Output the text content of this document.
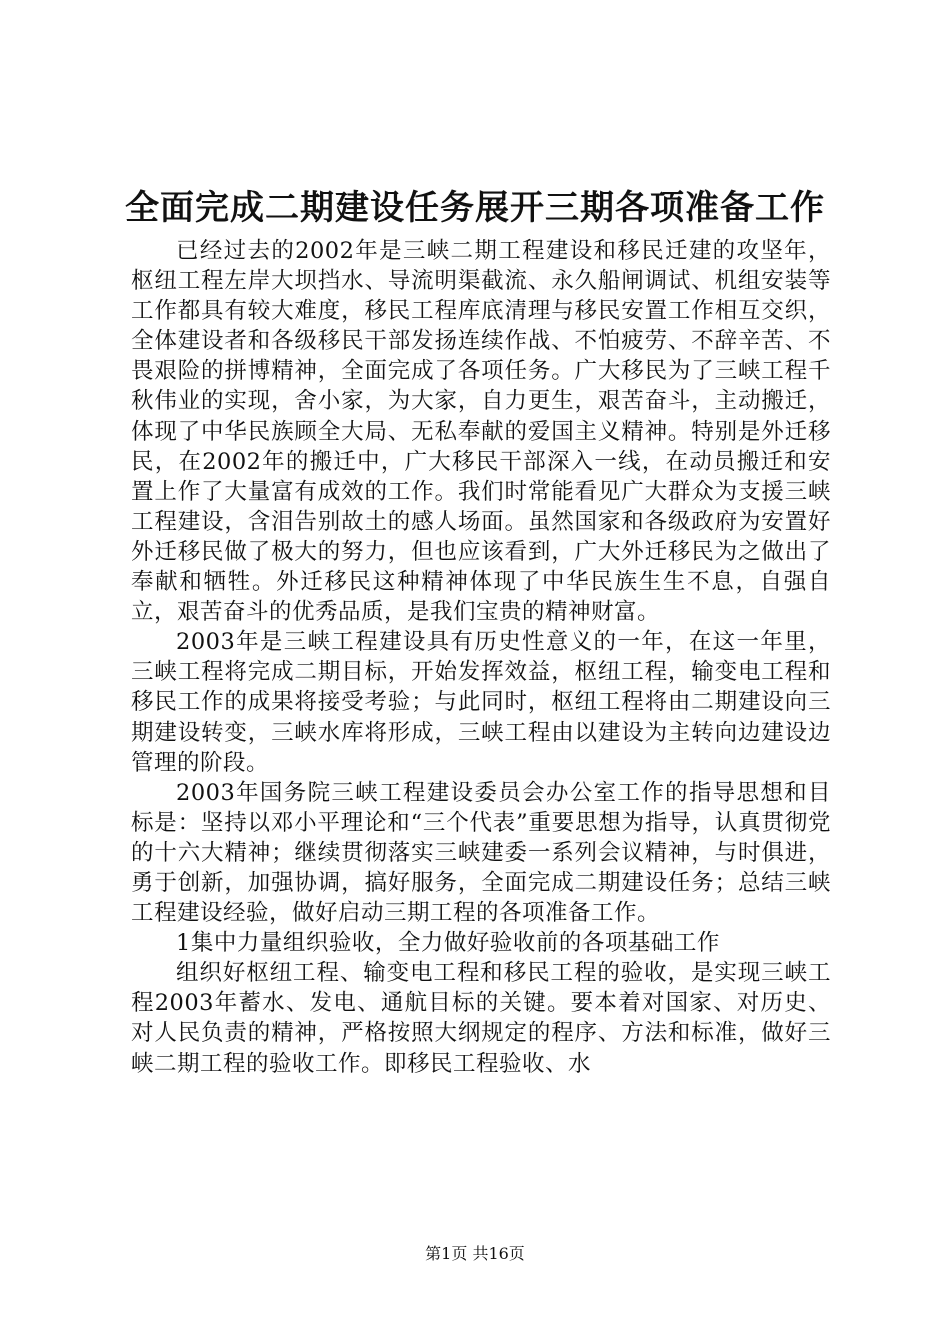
全面完成二期建设任务展开三期各项准备工作

已经过去的2002年是三峡二期工程建设和移民迁建的攻坚年，枢纽工程左岸大坝挡水、导流明渠截流、永久船闸调试、机组安装等工作都具有较大难度，移民工程库底清理与移民安置工作相互交织，全体建设者和各级移民干部发扬连续作战、不怕疲劳、不辞辛苦、不畏艰险的拼博精神，全面完成了各项任务。广大移民为了三峡工程千秋伟业的实现，舍小家，为大家，自力更生，艰苦奋斗，主动搬迁，体现了中华民族顾全大局、无私奉献的爱国主义精神。特别是外迁移民，在2002年的搬迁中，广大移民干部深入一线，在动员搬迁和安置上作了大量富有成效的工作。我们时常能看见广大群众为支援三峡工程建设，含泪告别故土的感人场面。虽然国家和各级政府为安置好外迁移民做了极大的努力，但也应该看到，广大外迁移民为之做出了奉献和牺牲。外迁移民这种精神体现了中华民族生生不息，自强自立，艰苦奋斗的优秀品质，是我们宝贵的精神财富。

2003年是三峡工程建设具有历史性意义的一年，在这一年里，三峡工程将完成二期目标，开始发挥效益，枢纽工程，输变电工程和移民工作的成果将接受考验；与此同时，枢纽工程将由二期建设向三期建设转变，三峡水库将形成，三峡工程由以建设为主转向边建设边管理的阶段。

2003年国务院三峡工程建设委员会办公室工作的指导思想和目标是：坚持以邓小平理论和“三个代表”重要思想为指导，认真贯彻党的十六大精神；继续贯彻落实三峡建委一系列会议精神，与时俱进，勇于创新，加强协调，搞好服务，全面完成二期建设任务；总结三峡工程建设经验，做好启动三期工程的各项准备工作。

1集中力量组织验收，全力做好验收前的各项基础工作

组织好枢纽工程、输变电工程和移民工程的验收，是实现三峡工程2003年蓄水、发电、通航目标的关键。要本着对国家、对历史、对人民负责的精神，严格按照大纲规定的程序、方法和标准，做好三峡二期工程的验收工作。即移民工程验收、水

第1页 共16页
